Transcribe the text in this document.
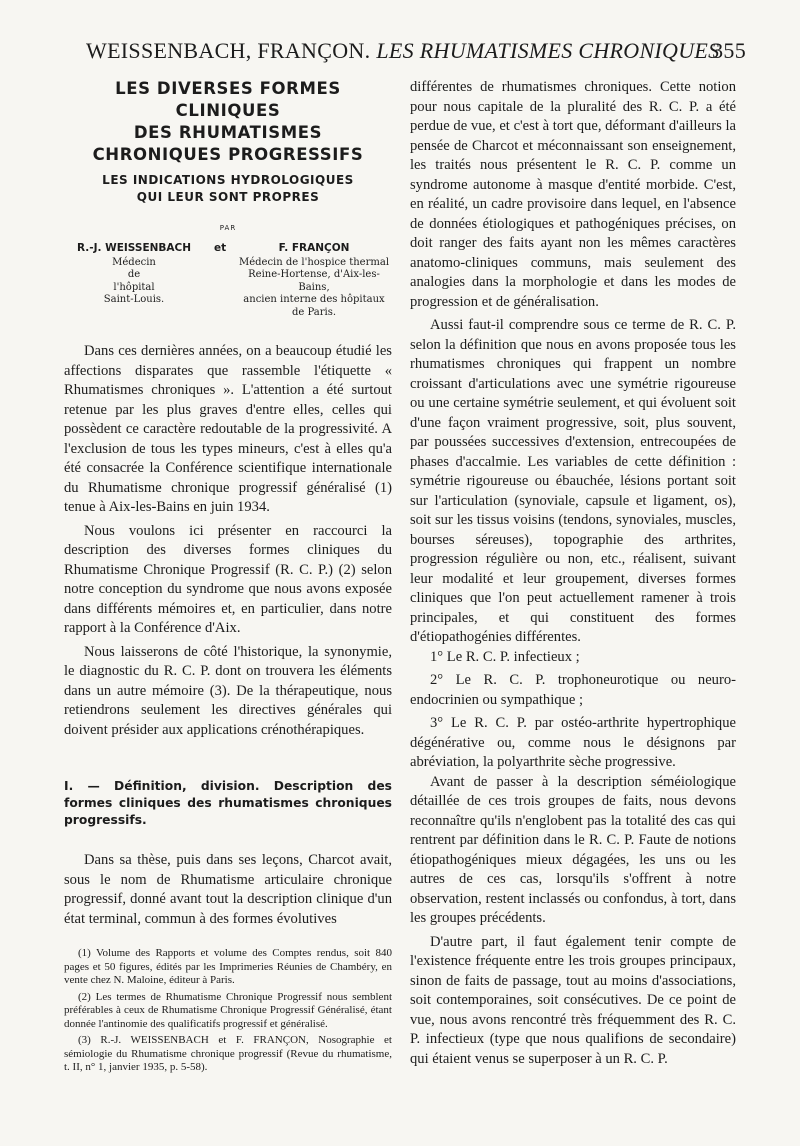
WEISSENBACH, FRANÇON. LES RHUMATISMES CHRONIQUES
355
LES DIVERSES FORMES
CLINIQUES
DES RHUMATISMES
CHRONIQUES PROGRESSIFS
LES INDICATIONS HYDROLOGIQUES
QUI LEUR SONT PROPRES
PAR
R.-J. WEISSENBACH
Médecin
de
l'hôpital
Saint-Louis.
et	F. FRANÇON
Médecin de l'hospice thermal
Reine-Hortense, d'Aix-les-Bains,
ancien interne des hôpitaux
de Paris.

Dans ces dernières années, on a beaucoup étudié les affections disparates que rassemble l'étiquette « Rhumatismes chroniques ». L'attention a été surtout retenue par les plus graves d'entre elles, celles qui possèdent ce caractère redoutable de la progressivité. A l'exclusion de tous les types mineurs, c'est à elles qu'a été consacrée la Conférence scientifique internationale du Rhumatisme chronique progressif généralisé (1) tenue à Aix-les-Bains en juin 1934.

Nous voulons ici présenter en raccourci la description des diverses formes cliniques du Rhumatisme Chronique Progressif (R. C. P.) (2) selon notre conception du syndrome que nous avons exposée dans différents mémoires et, en particulier, dans notre rapport à la Conférence d'Aix.

Nous laisserons de côté l'historique, la synonymie, le diagnostic du R. C. P. dont on trouvera les éléments dans un autre mémoire (3). De la thérapeutique, nous retiendrons seulement les directives générales qui doivent présider aux applications crénothérapiques.

I. — Définition, division. Description des formes cliniques des rhumatismes chroniques progressifs.

Dans sa thèse, puis dans ses leçons, Charcot avait, sous le nom de Rhumatisme articulaire chronique progressif, donné avant tout la description clinique d'un état terminal, commun à des formes évolutives

(1) Volume des Rapports et volume des Comptes rendus, soit 840 pages et 50 figures, édités par les Imprimeries Réunies de Chambéry, en vente chez N. Maloine, éditeur à Paris.

(2) Les termes de Rhumatisme Chronique Progressif nous semblent préférables à ceux de Rhumatisme Chronique Progressif Généralisé, étant donnée l'antinomie des qualificatifs progressif et généralisé.

(3) R.-J. WEISSENBACH et F. FRANÇON, Nosographie et sémiologie du Rhumatisme chronique progressif (Revue du rhumatisme, t. II, n° 1, janvier 1935, p. 5-58).

différentes de rhumatismes chroniques. Cette notion pour nous capitale de la pluralité des R. C. P. a été perdue de vue, et c'est à tort que, déformant d'ailleurs la pensée de Charcot et méconnaissant son enseignement, les traités nous présentent le R. C. P. comme un syndrome autonome à masque d'entité morbide. C'est, en réalité, un cadre provisoire dans lequel, en l'absence de données étiologiques et pathogéniques précises, on doit ranger des faits ayant non les mêmes caractères anatomo-cliniques communs, mais seulement des analogies dans la morphologie et dans les modes de progression et de généralisation.

Aussi faut-il comprendre sous ce terme de R. C. P. selon la définition que nous en avons proposée tous les rhumatismes chroniques qui frappent un nombre croissant d'articulations avec une symétrie rigoureuse ou une certaine symétrie seulement, et qui évoluent soit d'une façon vraiment progressive, soit, plus souvent, par poussées successives d'extension, entrecoupées de phases d'accalmie. Les variables de cette définition : symétrie rigoureuse ou ébauchée, lésions portant soit sur l'articulation (synoviale, capsule et ligament, os), soit sur les tissus voisins (tendons, synoviales, muscles, bourses séreuses), topographie des arthrites, progression régulière ou non, etc., réalisent, suivant leur modalité et leur groupement, diverses formes cliniques que l'on peut actuellement ramener à trois principales, et qui constituent des formes d'étiopathogénies différentes.

1° Le R. C. P. infectieux ;

2° Le R. C. P. trophoneurotique ou neuro-endocrinien ou sympathique ;

3° Le R. C. P. par ostéo-arthrite hypertrophique dégénérative ou, comme nous le désignons par abréviation, la polyarthrite sèche progressive.

Avant de passer à la description séméiologique détaillée de ces trois groupes de faits, nous devons reconnaître qu'ils n'englobent pas la totalité des cas qui rentrent par définition dans le R. C. P. Faute de notions étiopathogéniques mieux dégagées, les uns ou les autres de ces cas, lorsqu'ils s'offrent à notre observation, restent inclassés ou confondus, à tort, dans les groupes précédents.

D'autre part, il faut également tenir compte de l'existence fréquente entre les trois groupes principaux, sinon de faits de passage, tout au moins d'associations, soit contemporaines, soit consécutives. De ce point de vue, nous avons rencontré très fréquemment des R. C. P. infectieux (type que nous qualifions de secondaire) qui étaient venus se superposer à un R. C. P.
